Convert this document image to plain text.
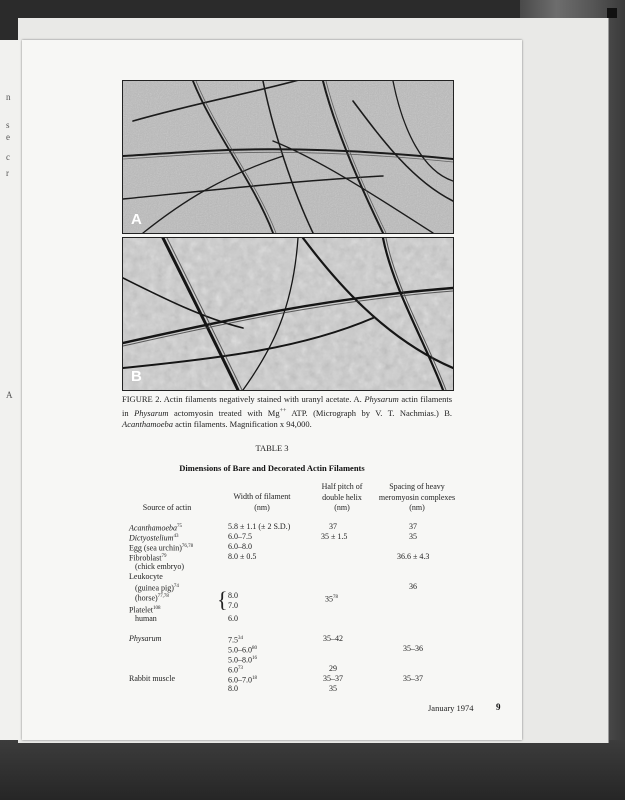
n
s
e
c
r
A
A
B
FIGURE 2. Actin filaments negatively stained with uranyl acetate. A. Physarum actin filaments in Physarum actomyosin treated with Mg++ ATP. (Micrograph by V. T. Nachmias.) B. Acanthamoeba actin filaments. Magnification x 94,000.
TABLE 3
Dimensions of Bare and Decorated Actin Filaments
Source of actin
Width of filament
(nm)
Half pitch of
double helix
(nm)
Spacing of heavy
meromyosin complexes
(nm)
Acanthamoeba$^{75}$
Dictyostelium$^{43}$
Egg (sea urchin)$^{76,78}$
Fibroblast$^{79}$
(chick embryo)
Leukocyte
(guinea pig)$^{74}$
(horse)$^{77,78}$
Platelet$^{108}$
human
Physarum
Rabbit muscle
5.8 ± 1.1 (± 2 S.D.)
6.0–7.5
6.0–8.0
8.0 ± 0.5
{ 8.0
7.0
6.0
$7.5^{34}$
$5.0-6.0^{80}$
$5.0-8.0^{16}$
$6.0^{73}$
$6.0-7.0^{18}$
8.0
37
35 ± 1.5
$35^{78}$
35–42
29
35–37
35
37
35
36.6 ± 4.3
36
35–36
35–37
January 1974 9
